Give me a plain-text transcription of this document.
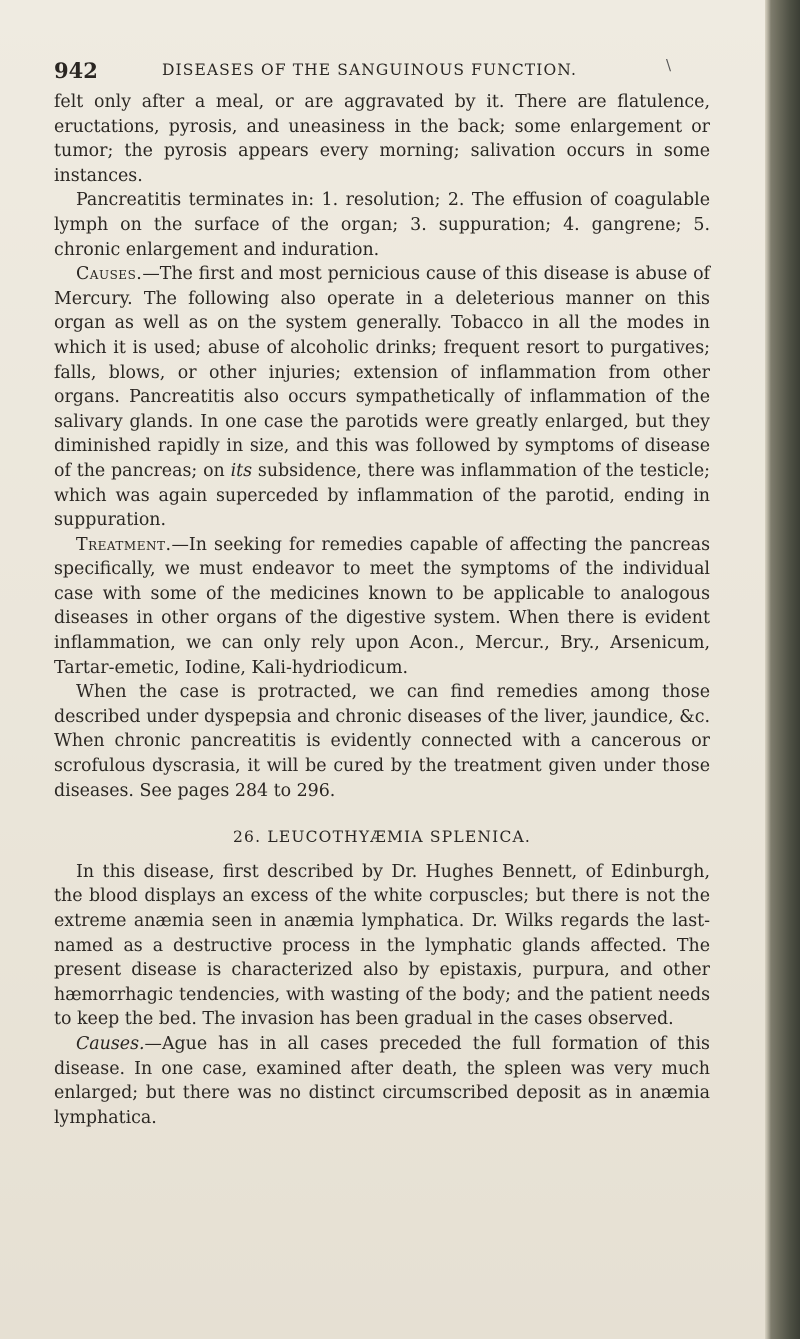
942	DISEASES OF THE SANGUINOUS FUNCTION.	\

felt only after a meal, or are aggravated by it. There are flatulence, eructations, pyrosis, and uneasiness in the back; some enlargement or tumor; the pyrosis appears every morning; salivation occurs in some instances.

Pancreatitis terminates in: 1. resolution; 2. The effusion of coagulable lymph on the surface of the organ; 3. suppuration; 4. gangrene; 5. chronic enlargement and induration.

Causes.—The first and most pernicious cause of this disease is abuse of Mercury. The following also operate in a deleterious manner on this organ as well as on the system generally. Tobacco in all the modes in which it is used; abuse of alcoholic drinks; frequent resort to purgatives; falls, blows, or other injuries; extension of inflammation from other organs. Pancreatitis also occurs sympathetically of inflammation of the salivary glands. In one case the parotids were greatly enlarged, but they diminished rapidly in size, and this was followed by symptoms of disease of the pancreas; on its subsidence, there was inflammation of the testicle; which was again superceded by inflammation of the parotid, ending in suppuration.

Treatment.—In seeking for remedies capable of affecting the pancreas specifically, we must endeavor to meet the symptoms of the individual case with some of the medicines known to be applicable to analogous diseases in other organs of the digestive system. When there is evident inflammation, we can only rely upon Acon., Mercur., Bry., Arsenicum, Tartar-emetic, Iodine, Kali-hydriodicum.

When the case is protracted, we can find remedies among those described under dyspepsia and chronic diseases of the liver, jaundice, &c. When chronic pancreatitis is evidently connected with a cancerous or scrofulous dyscrasia, it will be cured by the treatment given under those diseases. See pages 284 to 296.

26. LEUCOTHYÆMIA SPLENICA.

In this disease, first described by Dr. Hughes Bennett, of Edinburgh, the blood displays an excess of the white corpuscles; but there is not the extreme anæmia seen in anæmia lymphatica. Dr. Wilks regards the last-named as a destructive process in the lymphatic glands affected. The present disease is characterized also by epistaxis, purpura, and other hæmorrhagic tendencies, with wasting of the body; and the patient needs to keep the bed. The invasion has been gradual in the cases observed.

Causes.—Ague has in all cases preceded the full formation of this disease. In one case, examined after death, the spleen was very much enlarged; but there was no distinct circumscribed deposit as in anæmia lymphatica.
